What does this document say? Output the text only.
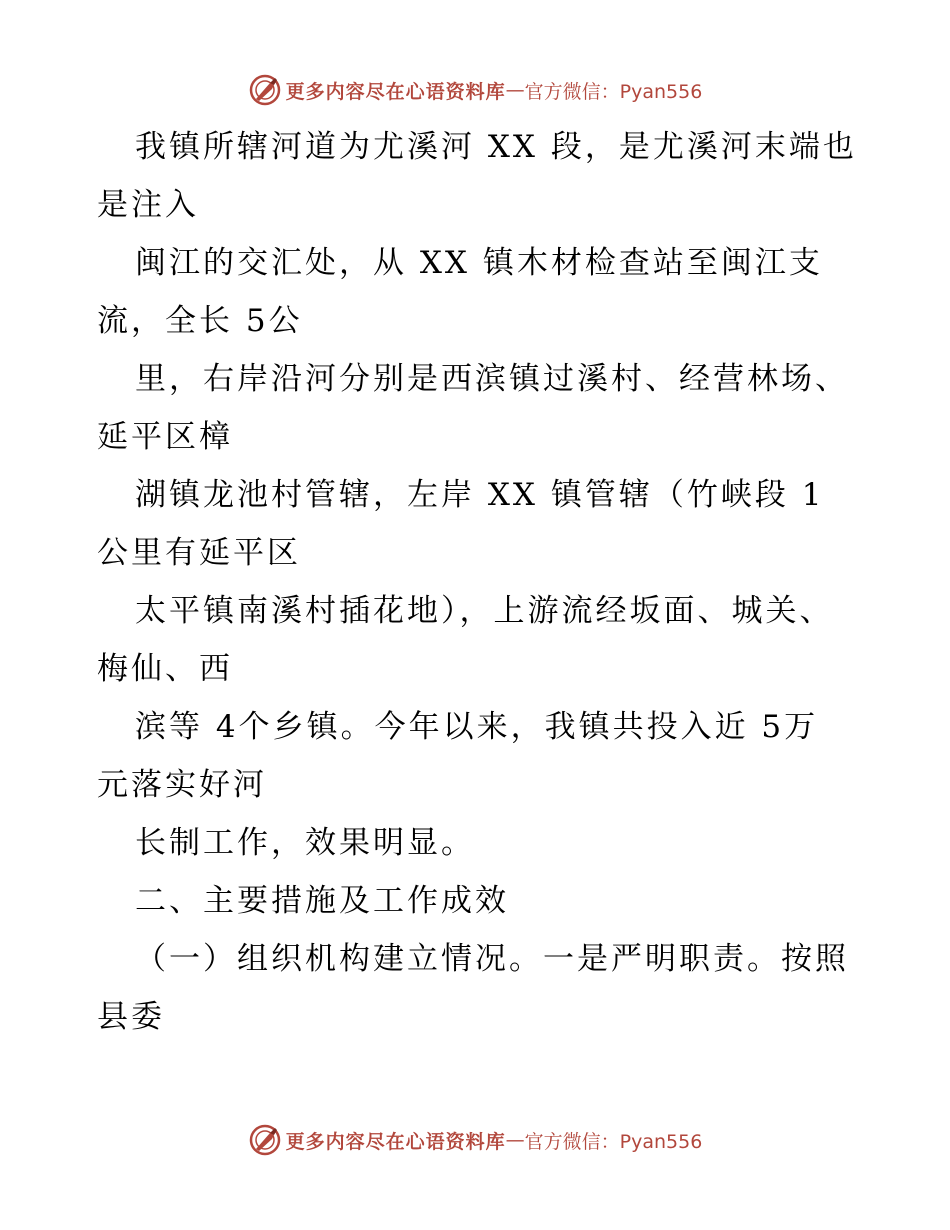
更多内容尽在心语资料库 — 官方微信：Pyan556
我镇所辖河道为尤溪河 XX 段，是尤溪河末端也
是注入
闽江的交汇处，从 XX 镇木材检查站至闽江支
流，全长 5公
里，右岸沿河分别是西滨镇过溪村、经营林场、
延平区樟
湖镇龙池村管辖，左岸 XX 镇管辖（竹峡段 1
公里有延平区
太平镇南溪村插花地），上游流经坂面、城关、
梅仙、西
滨等 4个乡镇。今年以来，我镇共投入近 5万
元落实好河
长制工作，效果明显。
二、主要措施及工作成效
（一）组织机构建立情况。一是严明职责。按照
县委
更多内容尽在心语资料库 — 官方微信：Pyan556
